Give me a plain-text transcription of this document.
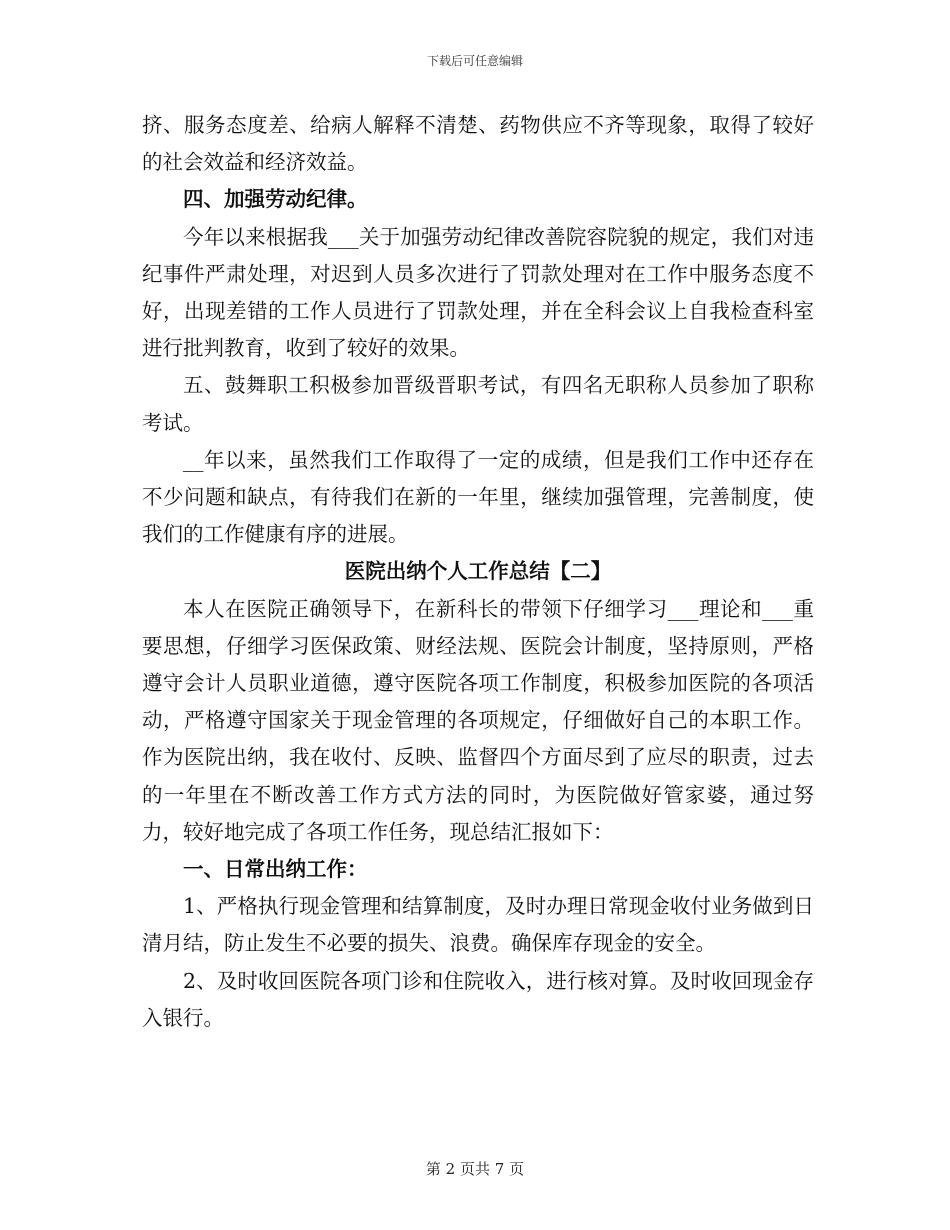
下载后可任意编辑

挤、服务态度差、给病人解释不清楚、药物供应不齐等现象，取得了较好的社会效益和经济效益。

四、加强劳动纪律。

今年以来根据我___关于加强劳动纪律改善院容院貌的规定，我们对违纪事件严肃处理，对迟到人员多次进行了罚款处理对在工作中服务态度不好，出现差错的工作人员进行了罚款处理，并在全科会议上自我检查科室进行批判教育，收到了较好的效果。

五、鼓舞职工积极参加晋级晋职考试，有四名无职称人员参加了职称考试。

__年以来，虽然我们工作取得了一定的成绩，但是我们工作中还存在不少问题和缺点，有待我们在新的一年里，继续加强管理，完善制度，使我们的工作健康有序的进展。

医院出纳个人工作总结【二】

本人在医院正确领导下，在新科长的带领下仔细学习___理论和___重要思想，仔细学习医保政策、财经法规、医院会计制度，坚持原则，严格遵守会计人员职业道德，遵守医院各项工作制度，积极参加医院的各项活动，严格遵守国家关于现金管理的各项规定，仔细做好自己的本职工作。作为医院出纳，我在收付、反映、监督四个方面尽到了应尽的职责，过去的一年里在不断改善工作方式方法的同时，为医院做好管家婆，通过努力，较好地完成了各项工作任务，现总结汇报如下：

一、日常出纳工作：

1、严格执行现金管理和结算制度，及时办理日常现金收付业务做到日清月结，防止发生不必要的损失、浪费。确保库存现金的安全。

2、及时收回医院各项门诊和住院收入，进行核对算。及时收回现金存入银行。

第 2 页共 7 页
